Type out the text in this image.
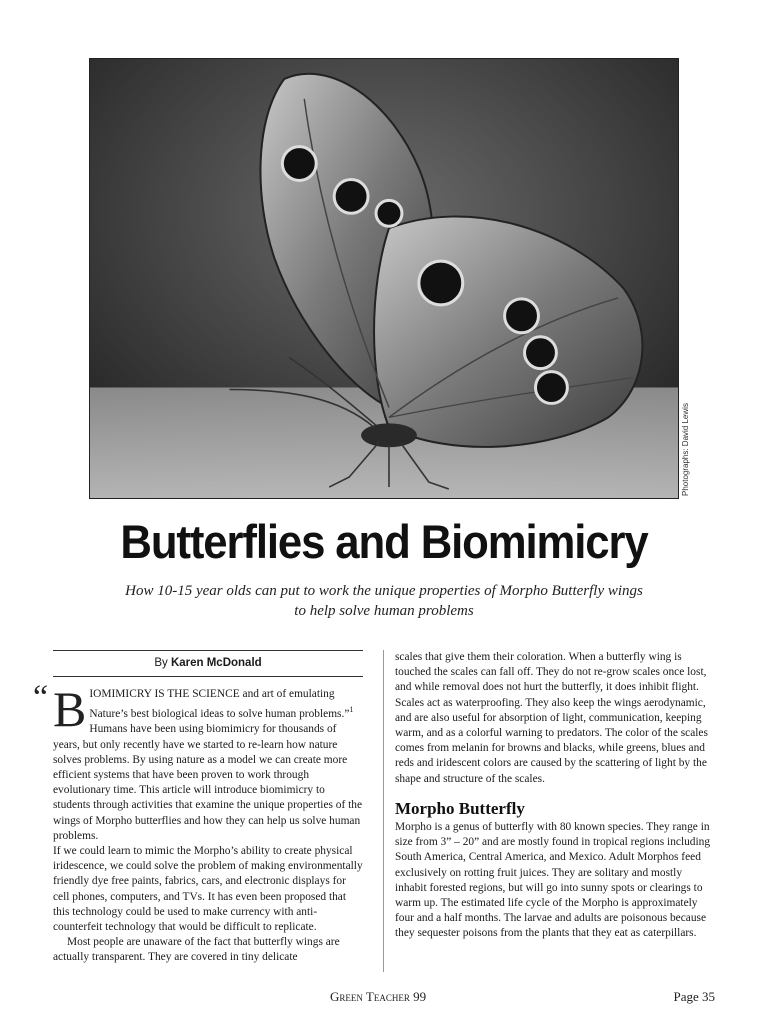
Photographs: David Lewis
Butterflies and Biomimicry
How 10-15 year olds can put to work the unique properties of Morpho Butterfly wings
to help solve human problems
By Karen McDonald
“ B IOMIMICRY IS THE SCIENCE and art of emulating Nature’s best biological ideas to solve human problems.”$^1$ Humans have been using biomimicry for thousands of years, but only recently have we started to re-learn how nature solves problems. By using nature as a model we can create more efficient systems that have been proven to work through evolutionary time. This article will introduce biomimicry to students through activities that examine the unique properties of the wings of Morpho butterflies and how they can help us solve human problems.

If we could learn to mimic the Morpho’s ability to create physical iridescence, we could solve the problem of making environmentally friendly dye free paints, fabrics, cars, and electronic displays for cell phones, computers, and TVs. It has even been proposed that this technology could be used to make currency with anti-counterfeit technology that would be difficult to replicate.

Most people are unaware of the fact that butterfly wings are actually transparent. They are covered in tiny delicate

scales that give them their coloration. When a butterfly wing is touched the scales can fall off. They do not re-grow scales once lost, and while removal does not hurt the butterfly, it does inhibit flight. Scales act as waterproofing. They also keep the wings aerodynamic, and are also useful for absorption of light, communication, keeping warm, and as a colorful warning to predators. The color of the scales comes from melanin for browns and blacks, while greens, blues and reds and iridescent colors are caused by the scattering of light by the shape and structure of the scales.

Morpho Butterfly

Morpho is a genus of butterfly with 80 known species. They range in size from 3” – 20” and are mostly found in tropical regions including South America, Central America, and Mexico. Adult Morphos feed exclusively on rotting fruit juices. They are solitary and mostly inhabit forested regions, but will go into sunny spots or clearings to warm up. The estimated life cycle of the Morpho is approximately four and a half months. The larvae and adults are poisonous because they sequester poisons from the plants that they eat as caterpillars.

Green Teacher 99	Page 35
